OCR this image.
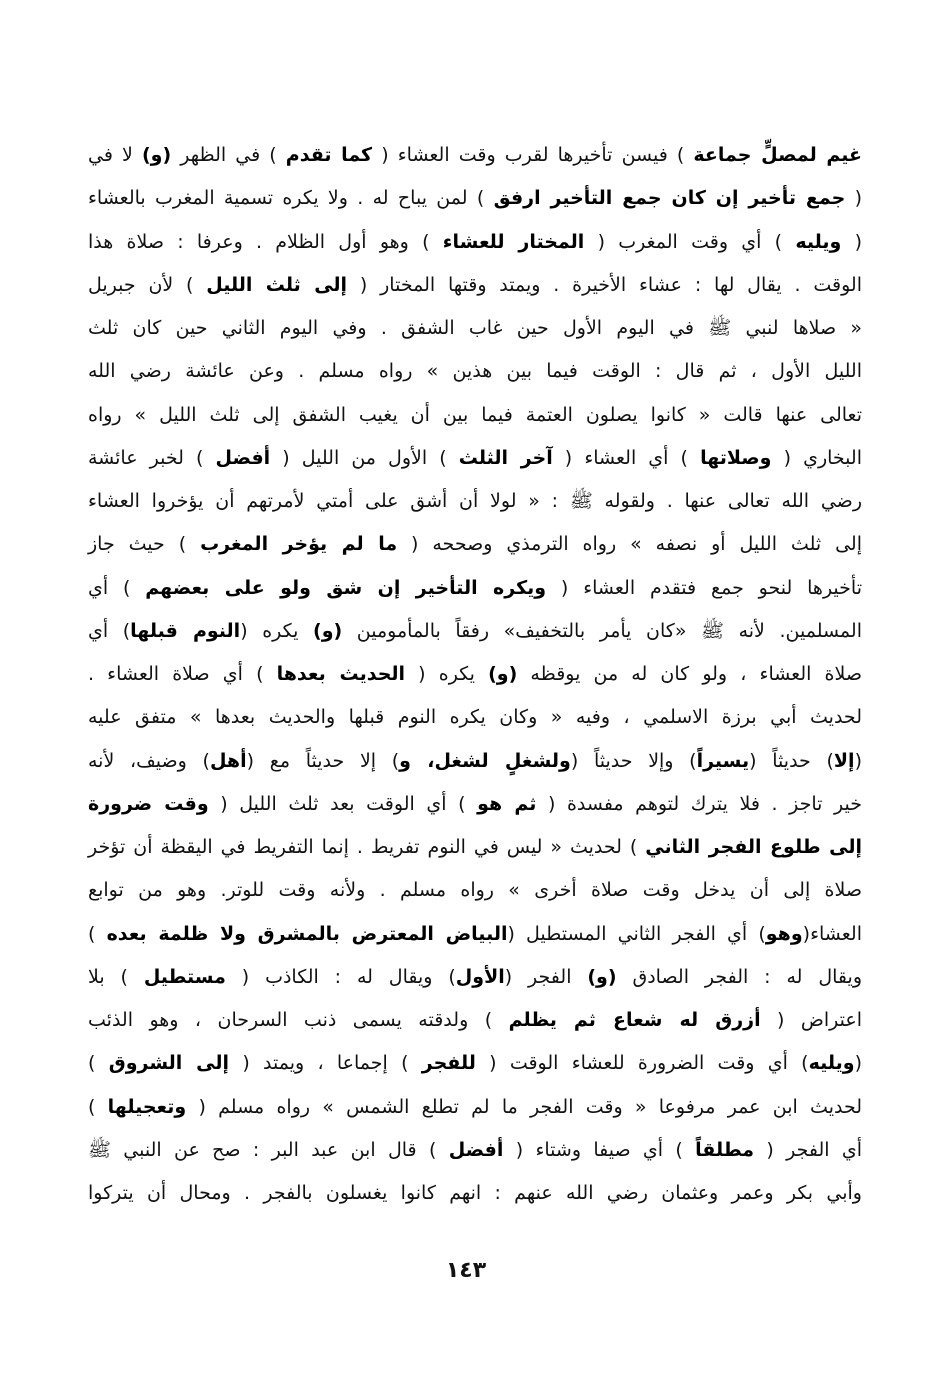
غيم لمصلٍّ جماعة ) فيسن تأخيرها لقرب وقت العشاء ( كما تقدم ) في الظهر (و) لا في
( جمع تأخير إن كان جمع التأخير ارفق ) لمن يباح له . ولا يكره تسمية المغرب بالعشاء
( ويليه ) أي وقت المغرب ( المختار للعشاء ) وهو أول الظلام . وعرفا : صلاة هذا
الوقت . يقال لها : عشاء الأخيرة . ويمتد وقتها المختار ( إلى ثلث الليل ) لأن جبريل
« صلاها لنبي ﷺ في اليوم الأول حين غاب الشفق . وفي اليوم الثاني حين كان ثلث
الليل الأول ، ثم قال : الوقت فيما بين هذين » رواه مسلم . وعن عائشة رضي الله
تعالى عنها قالت « كانوا يصلون العتمة فيما بين أن يغيب الشفق إلى ثلث الليل » رواه
البخاري ( وصلاتها ) أي العشاء ( آخر الثلث ) الأول من الليل ( أفضل ) لخبر عائشة
رضي الله تعالى عنها . ولقوله ﷺ : « لولا أن أشق على أمتي لأمرتهم أن يؤخروا العشاء
إلى ثلث الليل أو نصفه » رواه الترمذي وصححه ( ما لم يؤخر المغرب ) حيث جاز
تأخيرها لنحو جمع فتقدم العشاء ( ويكره التأخير إن شق ولو على بعضهم ) أي
المسلمين. لأنه ﷺ «كان يأمر بالتخفيف» رفقاً بالمأمومين (و) يكره (النوم قبلها) أي
صلاة العشاء ، ولو كان له من يوقظه (و) يكره ( الحديث بعدها ) أي صلاة العشاء .
لحديث أبي برزة الاسلمي ، وفيه « وكان يكره النوم قبلها والحديث بعدها » متفق عليه
(إلا) حديثاً (يسيراً) وإلا حديثاً (ولشغلٍ لشغل، و) إلا حديثاً مع (أهل) وضيف، لأنه
خير تاجز . فلا يترك لتوهم مفسدة ( ثم هو ) أي الوقت بعد ثلث الليل ( وقت ضرورة
إلى طلوع الفجر الثاني ) لحديث « ليس في النوم تفريط . إنما التفريط في اليقظة أن تؤخر
صلاة إلى أن يدخل وقت صلاة أخرى » رواه مسلم . ولأنه وقت للوتر. وهو من توابع
العشاء(وهو) أي الفجر الثاني المستطيل (البياض المعترض بالمشرق ولا ظلمة بعده )
ويقال له : الفجر الصادق (و) الفجر (الأول) ويقال له : الكاذب ( مستطيل ) بلا
اعتراض ( أزرق له شعاع ثم يظلم ) ولدقته يسمى ذنب السرحان ، وهو الذئب
(ويليه) أي وقت الضرورة للعشاء الوقت ( للفجر ) إجماعا ، ويمتد ( إلى الشروق )
لحديث ابن عمر مرفوعا « وقت الفجر ما لم تطلع الشمس » رواه مسلم ( وتعجيلها )
أي الفجر ( مطلقاً ) أي صيفا وشتاء ( أفضل ) قال ابن عبد البر : صح عن النبي ﷺ
وأبي بكر وعمر وعثمان رضي الله عنهم : انهم كانوا يغسلون بالفجر . ومحال أن يتركوا
١٤٣
